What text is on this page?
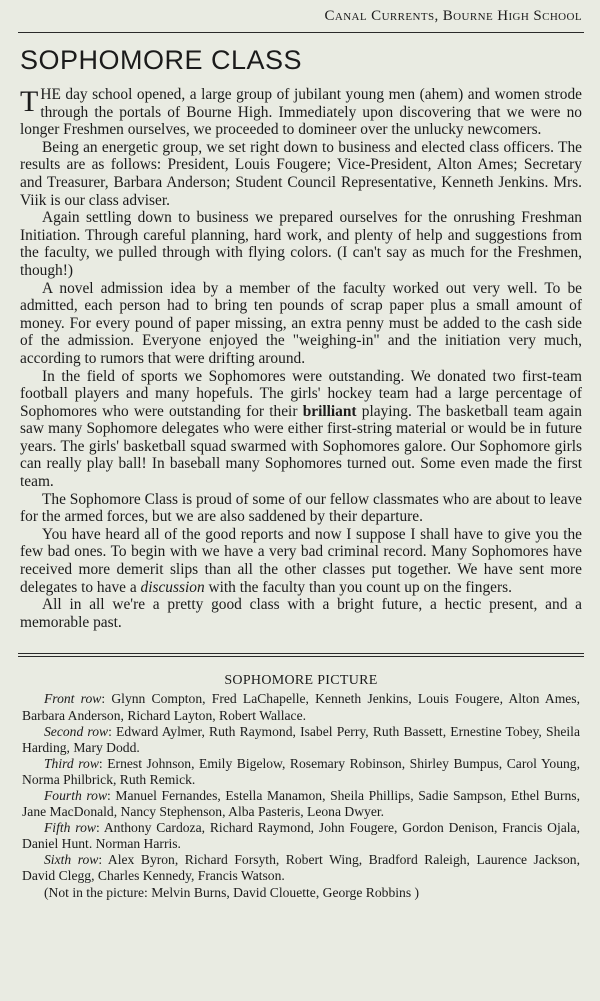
Canal Currents, Bourne High School
SOPHOMORE CLASS

THE day school opened, a large group of jubilant young men (ahem) and women strode through the portals of Bourne High. Immediately upon discovering that we were no longer Freshmen ourselves, we proceeded to domineer over the unlucky newcomers.

Being an energetic group, we set right down to business and elected class officers. The results are as follows: President, Louis Fougere; Vice-President, Alton Ames; Secretary and Treasurer, Barbara Anderson; Student Council Representative, Kenneth Jenkins. Mrs. Viik is our class adviser.

Again settling down to business we prepared ourselves for the onrushing Freshman Initiation. Through careful planning, hard work, and plenty of help and suggestions from the faculty, we pulled through with flying colors. (I can't say as much for the Freshmen, though!)

A novel admission idea by a member of the faculty worked out very well. To be admitted, each person had to bring ten pounds of scrap paper plus a small amount of money. For every pound of paper missing, an extra penny must be added to the cash side of the admission. Everyone enjoyed the "weighing-in" and the initiation very much, according to rumors that were drifting around.

In the field of sports we Sophomores were outstanding. We donated two first-team football players and many hopefuls. The girls' hockey team had a large percentage of Sophomores who were outstanding for their brilliant playing. The basketball team again saw many Sophomore delegates who were either first-string material or would be in future years. The girls' basketball squad swarmed with Sophomores galore. Our Sophomore girls can really play ball! In baseball many Sophomores turned out. Some even made the first team.

The Sophomore Class is proud of some of our fellow classmates who are about to leave for the armed forces, but we are also saddened by their departure.

You have heard all of the good reports and now I suppose I shall have to give you the few bad ones. To begin with we have a very bad criminal record. Many Sophomores have received more demerit slips than all the other classes put together. We have sent more delegates to have a discussion with the faculty than you count up on the fingers.

All in all we're a pretty good class with a bright future, a hectic present, and a memorable past.

SOPHOMORE PICTURE

Front row: Glynn Compton, Fred LaChapelle, Kenneth Jenkins, Louis Fougere, Alton Ames, Barbara Anderson, Richard Layton, Robert Wallace.

Second row: Edward Aylmer, Ruth Raymond, Isabel Perry, Ruth Bassett, Ernestine Tobey, Sheila Harding, Mary Dodd.

Third row: Ernest Johnson, Emily Bigelow, Rosemary Robinson, Shirley Bumpus, Carol Young, Norma Philbrick, Ruth Remick.

Fourth row: Manuel Fernandes, Estella Manamon, Sheila Phillips, Sadie Sampson, Ethel Burns, Jane MacDonald, Nancy Stephenson, Alba Pasteris, Leona Dwyer.

Fifth row: Anthony Cardoza, Richard Raymond, John Fougere, Gordon Denison, Francis Ojala, Daniel Hunt. Norman Harris.

Sixth row: Alex Byron, Richard Forsyth, Robert Wing, Bradford Raleigh, Laurence Jackson, David Clegg, Charles Kennedy, Francis Watson.

(Not in the picture: Melvin Burns, David Clouette, George Robbins )
